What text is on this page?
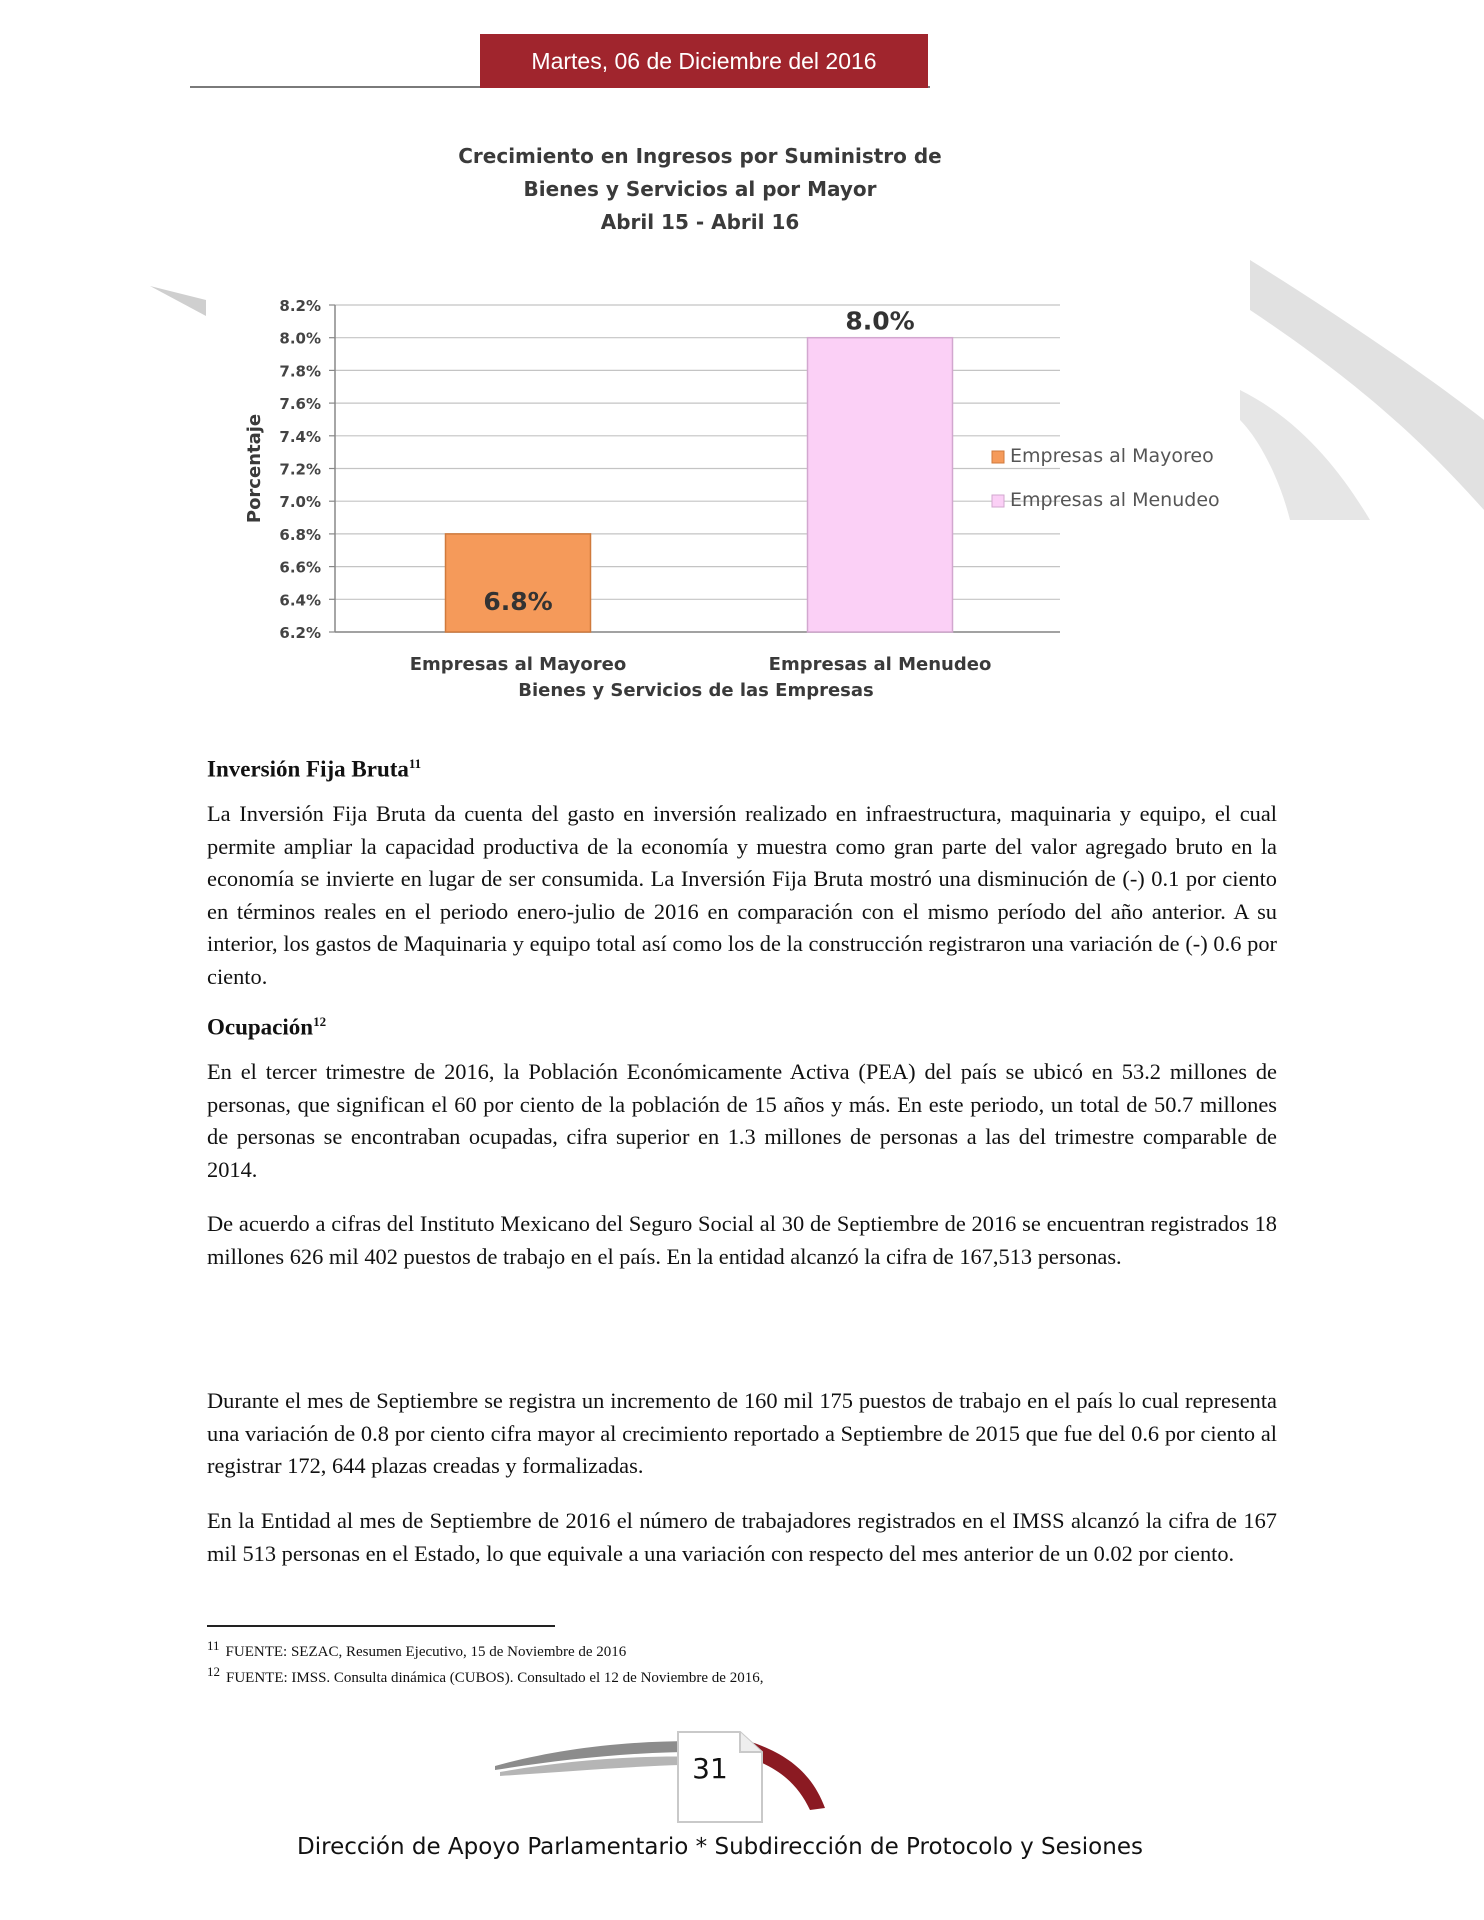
Martes, 06 de Diciembre del 2016
Crecimiento en Ingresos por Suministro de
Bienes y Servicios al por Mayor
Abril 15 - Abril 16
6.2%
6.4%
6.6%
6.8%
7.0%
7.2%
7.4%
7.6%
7.8%
8.0%
8.2%
Porcentaje
6.8%
Empresas al Mayoreo
8.0%
Empresas al Menudeo
Bienes y Servicios de las Empresas
Empresas al Mayoreo
Empresas al Menudeo
Inversión Fija Bruta$^{11}$

La Inversión Fija Bruta da cuenta del gasto en inversión realizado en infraestructura, maquinaria y equipo, el cual permite ampliar la capacidad productiva de la economía y muestra como gran parte del valor agregado bruto en la economía se invierte en lugar de ser consumida. La Inversión Fija Bruta mostró una disminución de (-) 0.1 por ciento en términos reales en el periodo enero-julio de 2016 en comparación con el mismo período del año anterior. A su interior, los gastos de Maquinaria y equipo total así como los de la construcción registraron una variación de (-) 0.6 por ciento.

Ocupación$^{12}$

En el tercer trimestre de 2016, la Población Económicamente Activa (PEA) del país se ubicó en 53.2 millones de personas, que significan el 60 por ciento de la población de 15 años y más. En este periodo, un total de 50.7 millones de personas se encontraban ocupadas, cifra superior en 1.3 millones de personas a las del trimestre comparable de 2014.

De acuerdo a cifras del Instituto Mexicano del Seguro Social al 30 de Septiembre de 2016 se encuentran registrados 18 millones 626 mil 402 puestos de trabajo en el país. En la entidad alcanzó la cifra de 167,513 personas.

Durante el mes de Septiembre se registra un incremento de 160 mil 175 puestos de trabajo en el país lo cual representa una variación de 0.8 por ciento cifra mayor al crecimiento reportado a Septiembre de 2015 que fue del 0.6 por ciento al registrar 172, 644 plazas creadas y formalizadas.

En la Entidad al mes de Septiembre de 2016 el número de trabajadores registrados en el IMSS alcanzó la cifra de 167 mil 513 personas en el Estado, lo que equivale a una variación con respecto del mes anterior de un 0.02 por ciento.

$^{11}$ FUENTE: SEZAC, Resumen Ejecutivo, 15 de Noviembre de 2016
$^{12}$ FUENTE: IMSS. Consulta dinámica (CUBOS). Consultado el 12 de Noviembre de 2016,
31
Dirección de Apoyo Parlamentario * Subdirección de Protocolo y Sesiones
